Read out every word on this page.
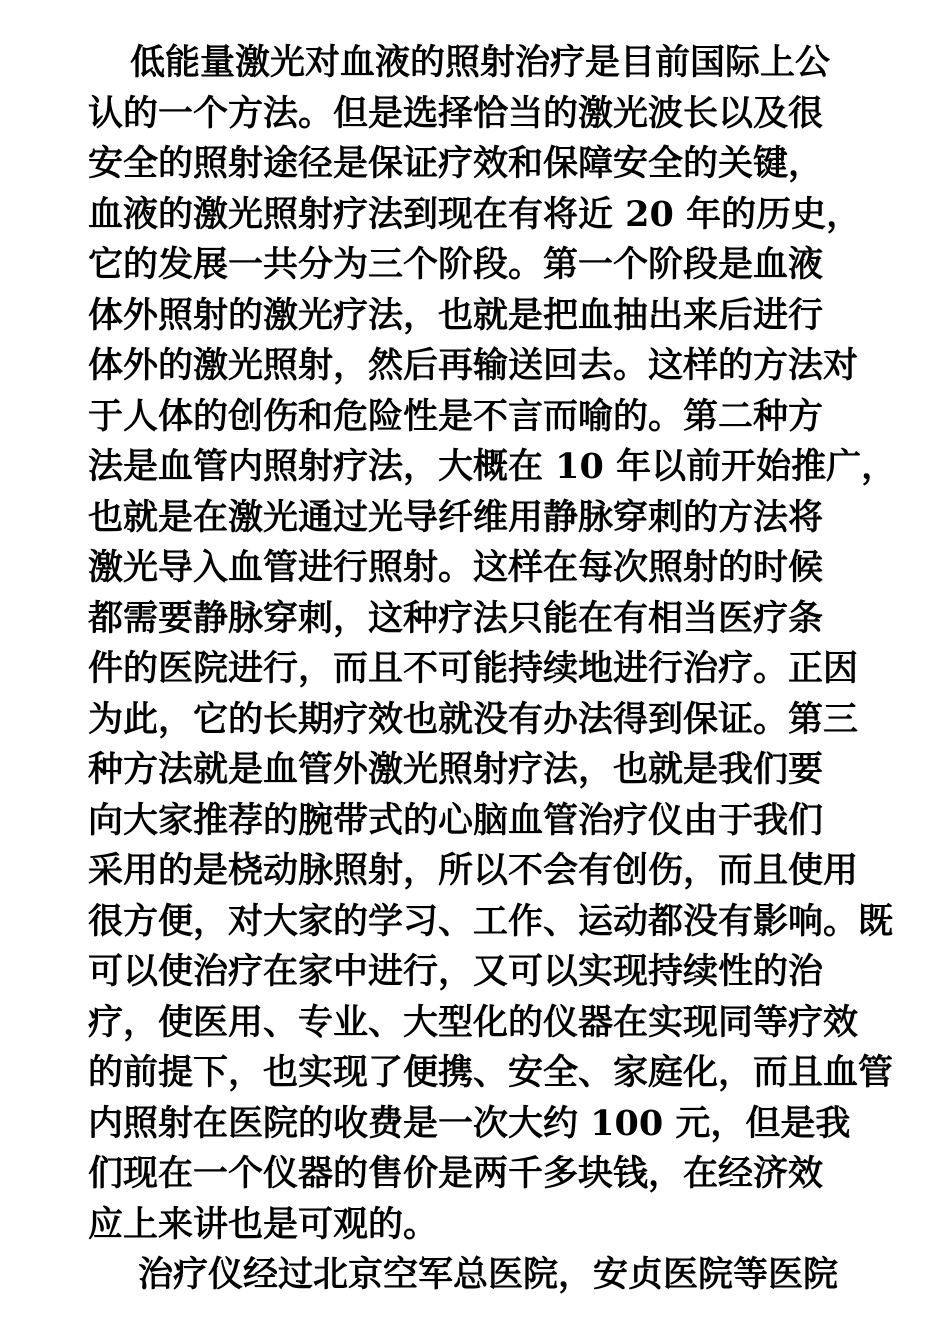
低能量激光对血液的照射治疗是目前国际上公
认的一个方法。但是选择恰当的激光波长以及很
安全的照射途径是保证疗效和保障安全的关键，
血液的激光照射疗法到现在有将近 20 年的历史，
它的发展一共分为三个阶段。第一个阶段是血液
体外照射的激光疗法，也就是把血抽出来后进行
体外的激光照射，然后再输送回去。这样的方法对
于人体的创伤和危险性是不言而喻的。第二种方
法是血管内照射疗法，大概在 10 年以前开始推广，
也就是在激光通过光导纤维用静脉穿刺的方法将
激光导入血管进行照射。这样在每次照射的时候
都需要静脉穿刺，这种疗法只能在有相当医疗条
件的医院进行，而且不可能持续地进行治疗。正因
为此，它的长期疗效也就没有办法得到保证。第三
种方法就是血管外激光照射疗法，也就是我们要
向大家推荐的腕带式的心脑血管治疗仪由于我们
采用的是桡动脉照射，所以不会有创伤，而且使用
很方便，对大家的学习、工作、运动都没有影响。既
可以使治疗在家中进行，又可以实现持续性的治
疗，使医用、专业、大型化的仪器在实现同等疗效
的前提下，也实现了便携、安全、家庭化，而且血管
内照射在医院的收费是一次大约 100 元，但是我
们现在一个仪器的售价是两千多块钱，在经济效
应上来讲也是可观的。
治疗仪经过北京空军总医院，安贞医院等医院
